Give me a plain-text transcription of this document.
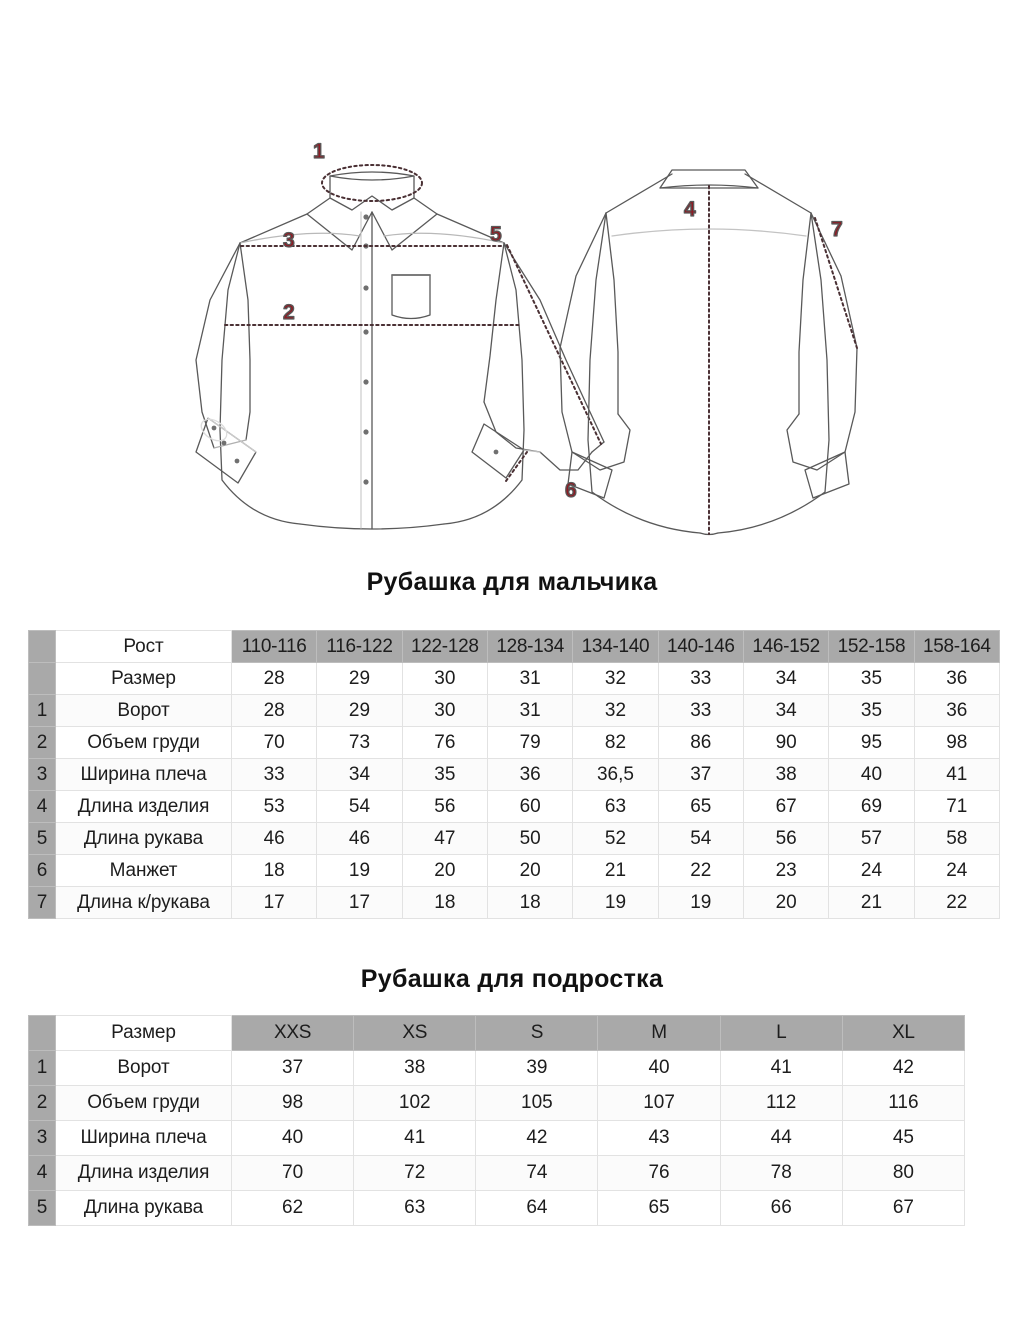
1
2
3
4
5
6
7
Рубашка для мальчика
	Рост	110-116	116-122	122-128	128-134	134-140	140-146	146-152	152-158	158-164
	Размер	28	29	30	31	32	33	34	35	36
1	Ворот	28	29	30	31	32	33	34	35	36
2	Объем груди	70	73	76	79	82	86	90	95	98
3	Ширина плеча	33	34	35	36	36,5	37	38	40	41
4	Длина изделия	53	54	56	60	63	65	67	69	71
5	Длина рукава	46	46	47	50	52	54	56	57	58
6	Манжет	18	19	20	20	21	22	23	24	24
7	Длина к/рукава	17	17	18	18	19	19	20	21	22
Рубашка для подростка
	Размер	XXS	XS	S	M	L	XL
1	Ворот	37	38	39	40	41	42
2	Объем груди	98	102	105	107	112	116
3	Ширина плеча	40	41	42	43	44	45
4	Длина изделия	70	72	74	76	78	80
5	Длина рукава	62	63	64	65	66	67
